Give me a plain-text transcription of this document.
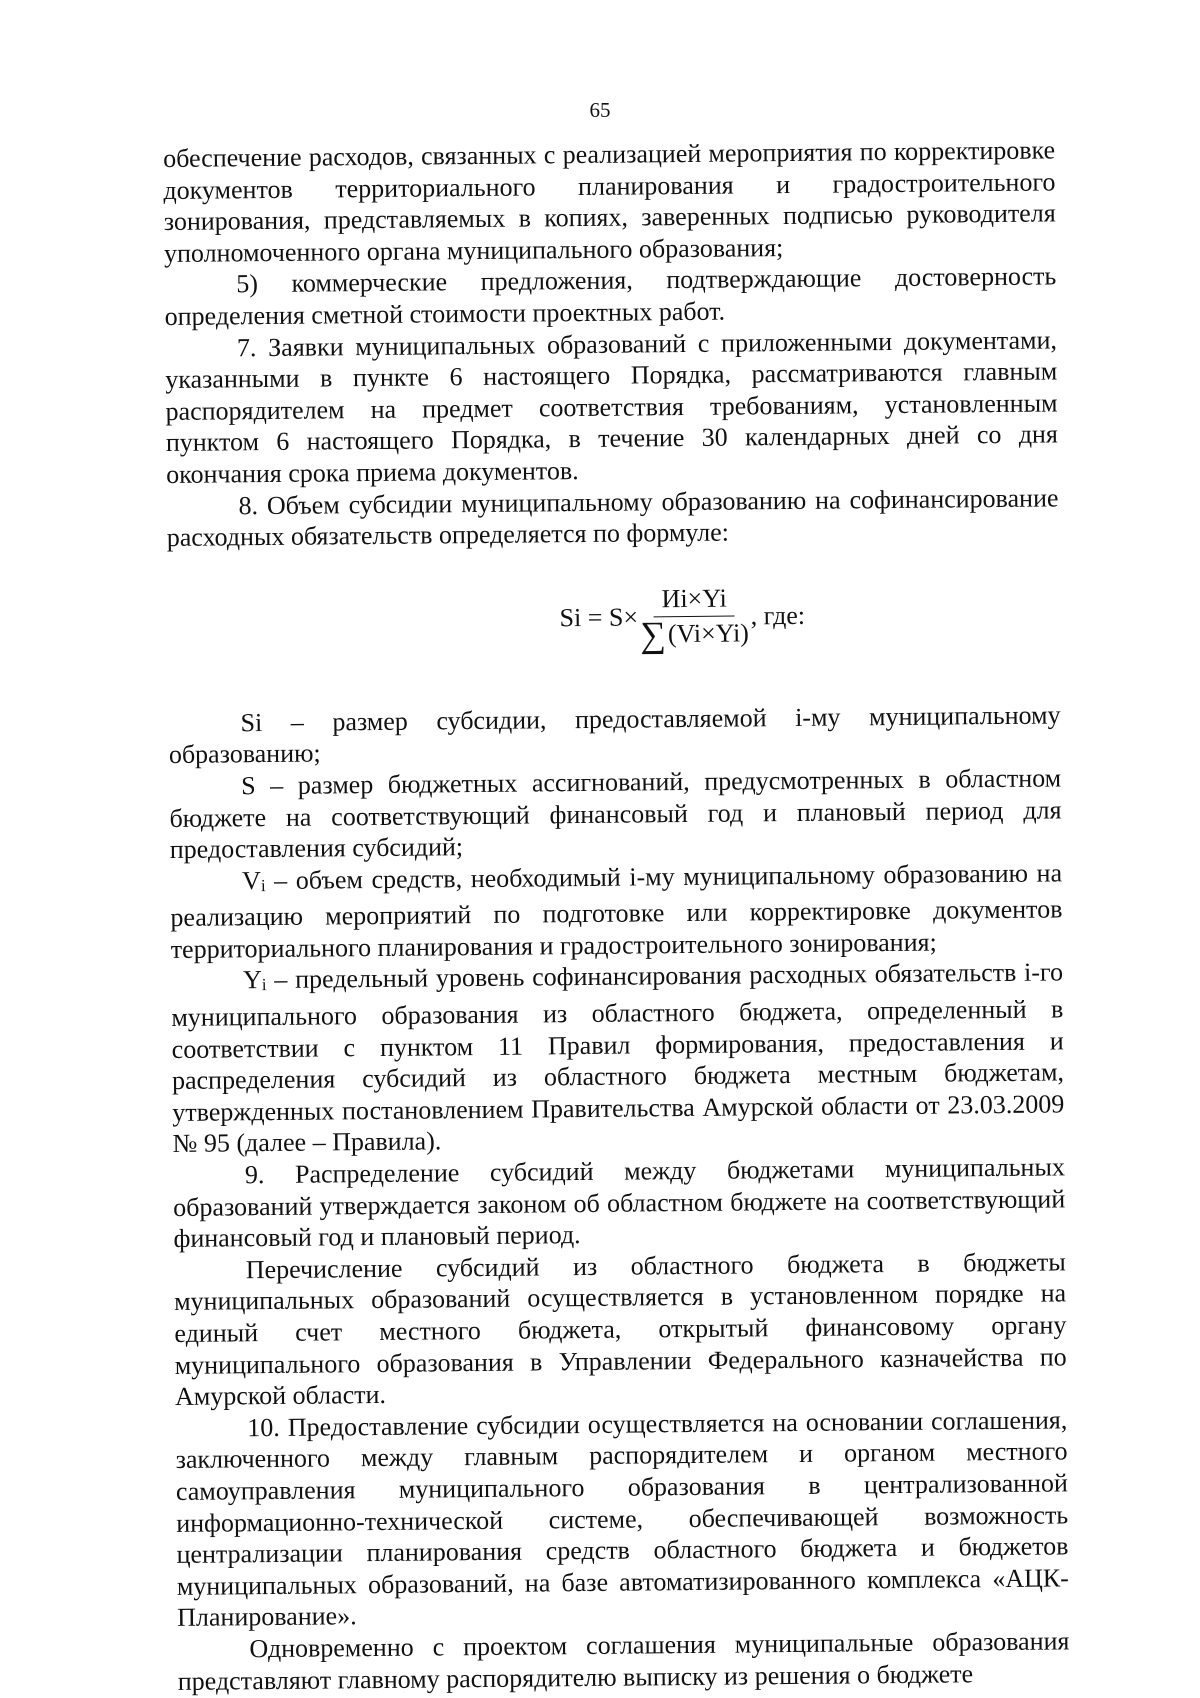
65

обеспечение расходов, связанных с реализацией мероприятия по корректировке документов территориального планирования и градостроительного зонирования, представляемых в копиях, заверенных подписью руководителя уполномоченного органа муниципального образования;

5) коммерческие предложения, подтверждающие достоверность определения сметной стоимости проектных работ.

7. Заявки муниципальных образований с приложенными документами, указанными в пункте 6 настоящего Порядка, рассматриваются главным распорядителем на предмет соответствия требованиям, установленным пунктом 6 настоящего Порядка, в течение 30 календарных дней со дня окончания срока приема документов.

8. Объем субсидии муниципальному образованию на софинансирование расходных обязательств определяется по формуле:

$Si = S\times \frac{Иi\times Yi}{\sum (Vi\times Yi)}$ , где:

Si – размер субсидии, предоставляемой i-му муниципальному образованию;

S – размер бюджетных ассигнований, предусмотренных в областном бюджете на соответствующий финансовый год и плановый период для предоставления субсидий;

Vi – объем средств, необходимый i-му муниципальному образованию на реализацию мероприятий по подготовке или корректировке документов территориального планирования и градостроительного зонирования;

Yi – предельный уровень софинансирования расходных обязательств i-го муниципального образования из областного бюджета, определенный в соответствии с пунктом 11 Правил формирования, предоставления и распределения субсидий из областного бюджета местным бюджетам, утвержденных постановлением Правительства Амурской области от 23.03.2009 № 95 (далее – Правила).

9. Распределение субсидий между бюджетами муниципальных образований утверждается законом об областном бюджете на соответствующий финансовый год и плановый период.

Перечисление субсидий из областного бюджета в бюджеты муниципальных образований осуществляется в установленном порядке на единый счет местного бюджета, открытый финансовому органу муниципального образования в Управлении Федерального казначейства по Амурской области.

10. Предоставление субсидии осуществляется на основании соглашения, заключенного между главным распорядителем и органом местного самоуправления муниципального образования в централизованной информационно-технической системе, обеспечивающей возможность централизации планирования средств областного бюджета и бюджетов муниципальных образований, на базе автоматизированного комплекса «АЦК-Планирование».

Одновременно с проектом соглашения муниципальные образования представляют главному распорядителю выписку из решения о бюджете
